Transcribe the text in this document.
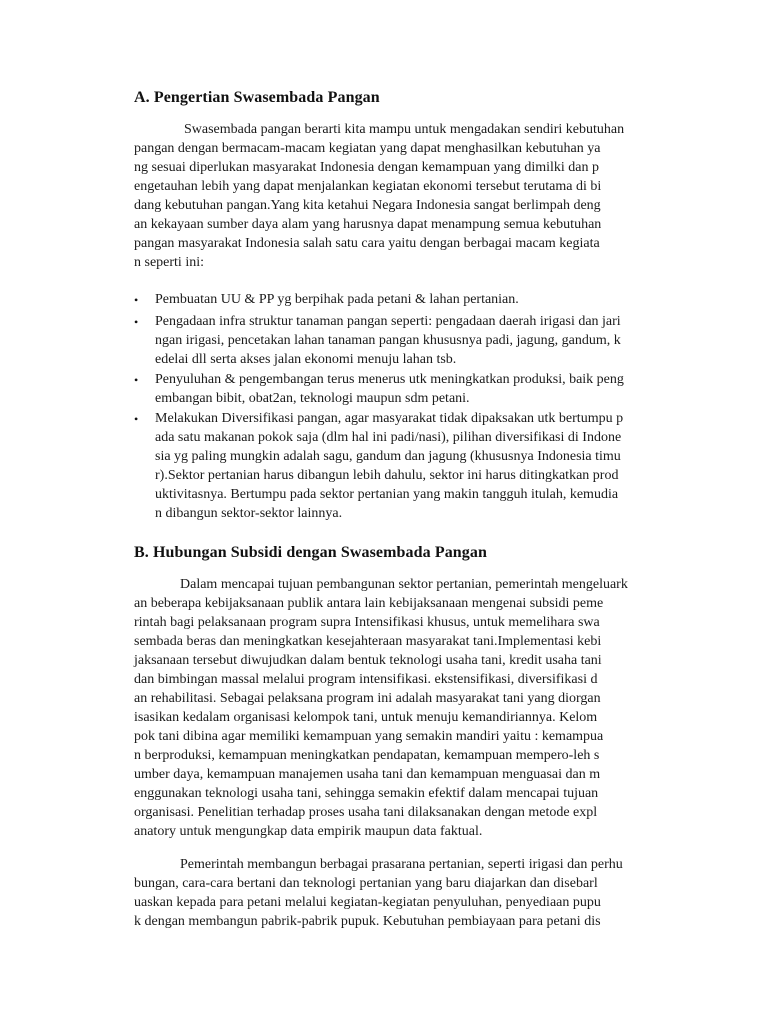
A. Pengertian Swasembada Pangan
Swasembada pangan berarti kita mampu untuk mengadakan sendiri kebutuhan
pangan dengan bermacam-macam kegiatan yang dapat menghasilkan kebutuhan ya
ng sesuai diperlukan masyarakat Indonesia dengan kemampuan yang dimilki dan p
engetauhan lebih yang dapat menjalankan kegiatan ekonomi tersebut terutama di bi
dang kebutuhan pangan.Yang kita ketahui Negara Indonesia sangat berlimpah deng
an kekayaan sumber daya alam yang harusnya dapat menampung semua kebutuhan
pangan masyarakat Indonesia salah satu cara yaitu dengan berbagai macam kegiata
n seperti ini:
• Pembuatan UU & PP yg berpihak pada petani & lahan pertanian.
• Pengadaan infra struktur tanaman pangan seperti: pengadaan daerah irigasi dan jari
ngan irigasi, pencetakan lahan tanaman pangan khususnya padi, jagung, gandum, k
edelai dll serta akses jalan ekonomi menuju lahan tsb.
• Penyuluhan & pengembangan terus menerus utk meningkatkan produksi, baik peng
embangan bibit, obat2an, teknologi maupun sdm petani.
• Melakukan Diversifikasi pangan, agar masyarakat tidak dipaksakan utk bertumpu p
ada satu makanan pokok saja (dlm hal ini padi/nasi), pilihan diversifikasi di Indone
sia yg paling mungkin adalah sagu, gandum dan jagung (khususnya Indonesia timu
r).Sektor pertanian harus dibangun lebih dahulu, sektor ini harus ditingkatkan prod
uktivitasnya. Bertumpu pada sektor pertanian yang makin tangguh itulah, kemudia
n dibangun sektor-sektor lainnya.
B. Hubungan Subsidi dengan Swasembada Pangan
Dalam mencapai tujuan pembangunan sektor pertanian, pemerintah mengeluark
an beberapa kebijaksanaan publik antara lain kebijaksanaan mengenai subsidi peme
rintah bagi pelaksanaan program supra Intensifikasi khusus, untuk memelihara swa
sembada beras dan meningkatkan kesejahteraan masyarakat tani.Implementasi kebi
jaksanaan tersebut diwujudkan dalam bentuk teknologi usaha tani, kredit usaha tani
dan bimbingan massal melalui program intensifikasi. ekstensifikasi, diversifikasi d
an rehabilitasi. Sebagai pelaksana program ini adalah masyarakat tani yang diorgan
isasikan kedalam organisasi kelompok tani, untuk menuju kemandiriannya. Kelom
pok tani dibina agar memiliki kemampuan yang semakin mandiri yaitu : kemampua
n berproduksi, kemampuan meningkatkan pendapatan, kemampuan mempero-leh s
umber daya, kemampuan manajemen usaha tani dan kemampuan menguasai dan m
enggunakan teknologi usaha tani, sehingga semakin efektif dalam mencapai tujuan
organisasi. Penelitian terhadap proses usaha tani dilaksanakan dengan metode expl
anatory untuk mengungkap data empirik maupun data faktual.
Pemerintah membangun berbagai prasarana pertanian, seperti irigasi dan perhu
bungan, cara-cara bertani dan teknologi pertanian yang baru diajarkan dan disebarl
uaskan kepada para petani melalui kegiatan-kegiatan penyuluhan, penyediaan pupu
k dengan membangun pabrik-pabrik pupuk. Kebutuhan pembiayaan para petani dis
